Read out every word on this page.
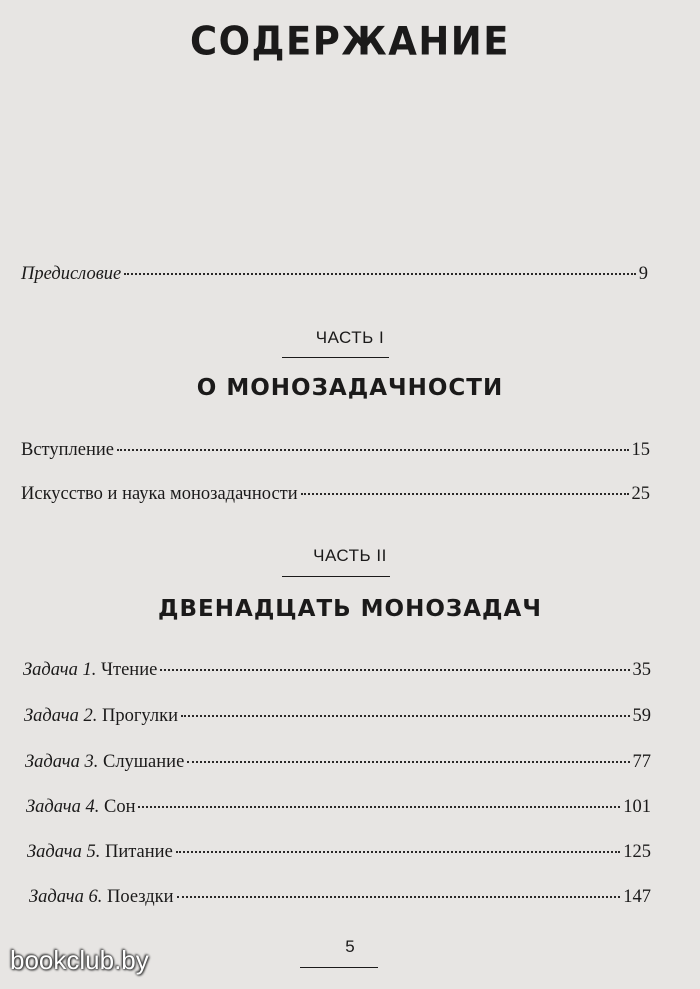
СОДЕРЖАНИЕ
Предисловие	9
ЧАСТЬ I
О МОНОЗАДАЧНОСТИ
Вступление	15
Искусство и наука монозадачности	25
ЧАСТЬ II
ДВЕНАДЦАТЬ МОНОЗАДАЧ
Задача 1. Чтение	35
Задача 2. Прогулки	59
Задача 3. Слушание	77
Задача 4. Сон	101
Задача 5. Питание	125
Задача 6. Поездки	147
5
bookclub.by
